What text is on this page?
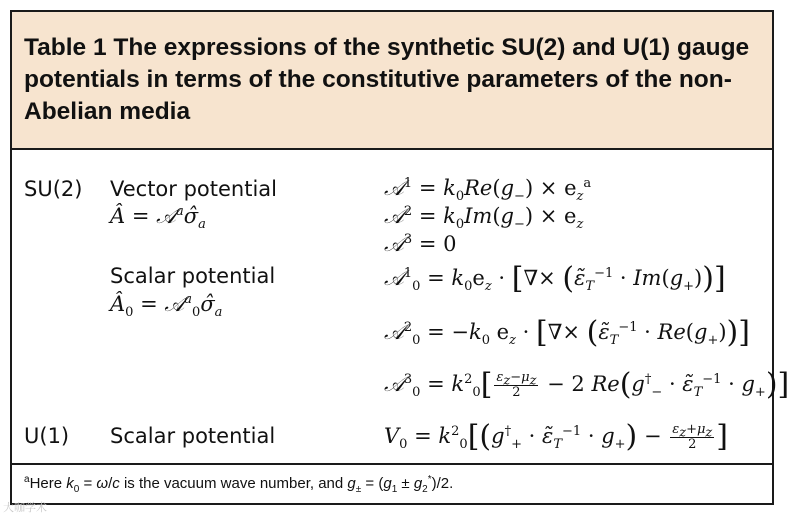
Table 1 The expressions of the synthetic SU(2) and U(1) gauge potentials in terms of the constitutive parameters of the non-Abelian media
SU(2) Vector potential
Â = $𝒜^a\sigmâ_a$
Scalar potential
$Â_0$ = $𝒜^a_0\sigmâ_a$
U(1) Scalar potential
𝒜$^1$ = $k_0Re(g_-) \times e_z^a$
𝒜$^2$ = $k_0Im(g_-) \times e_z$
𝒜$^3$ = 0
𝒜$^1_0$ = $k_0e_z$ · [∇× $(\varepsiloñ_T^{-1} \cdot Im(g_+))$]
𝒜$^2_0$ = $-k_0$ $e_z$ · [∇× $(\varepsiloñ_T^{-1} \cdot Re(g_+))$]
𝒜$^3_0$ = $k^2_0[ \frac{\varepsilon_z-\mu_z}{2} - 2$ $Re(g^\dagger_-$ · $\varepsiloñ_T^{-1} \cdot g_+$)]
$V_0 = k^2_0[(g^\dagger_+$ · $\varepsiloñ_T^{-1} \cdot g_+) - \frac{\varepsilon_z+\mu_z}{2}$ ]
$^a$Here $k_0 = \omega/c$ is the vacuum wave number, and $g_\pm = (g_1 \pm g_2^*)/2$.
大咖学术
